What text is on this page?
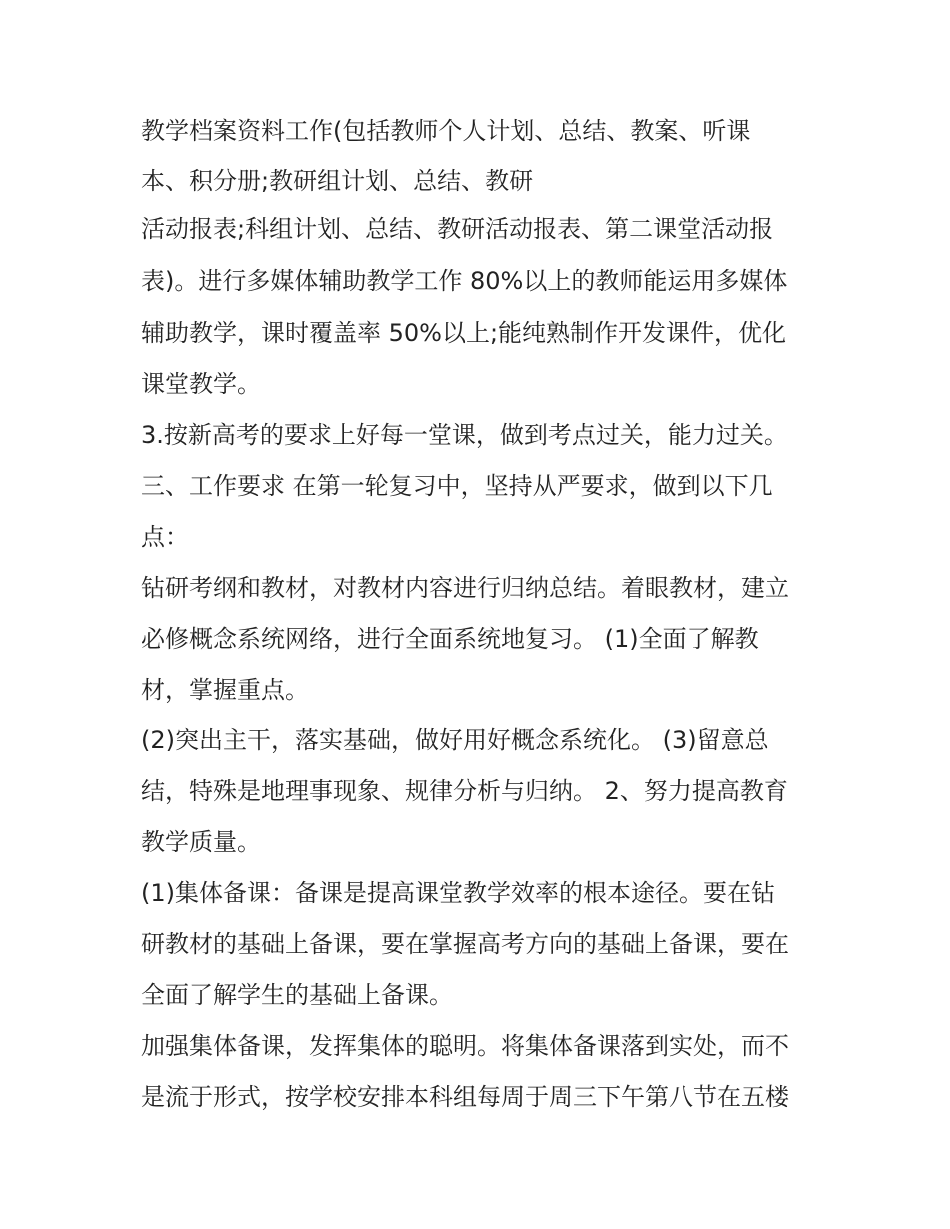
教学档案资料工作(包括教师个人计划、总结、教案、听课

本、积分册;教研组计划、总结、教研

活动报表;科组计划、总结、教研活动报表、第二课堂活动报

表)。进行多媒体辅助教学工作 80%以上的教师能运用多媒体

辅助教学，课时覆盖率 50%以上;能纯熟制作开发课件，优化

课堂教学。

3.按新高考的要求上好每一堂课，做到考点过关，能力过关。

三、工作要求 在第一轮复习中，坚持从严要求，做到以下几

点：

钻研考纲和教材，对教材内容进行归纳总结。着眼教材，建立

必修概念系统网络，进行全面系统地复习。 (1)全面了解教

材，掌握重点。

(2)突出主干，落实基础，做好用好概念系统化。 (3)留意总

结，特殊是地理事现象、规律分析与归纳。 2、努力提高教育

教学质量。

(1)集体备课：备课是提高课堂教学效率的根本途径。要在钻

研教材的基础上备课，要在掌握高考方向的基础上备课，要在

全面了解学生的基础上备课。

加强集体备课，发挥集体的聪明。将集体备课落到实处，而不

是流于形式，按学校安排本科组每周于周三下午第八节在五楼
